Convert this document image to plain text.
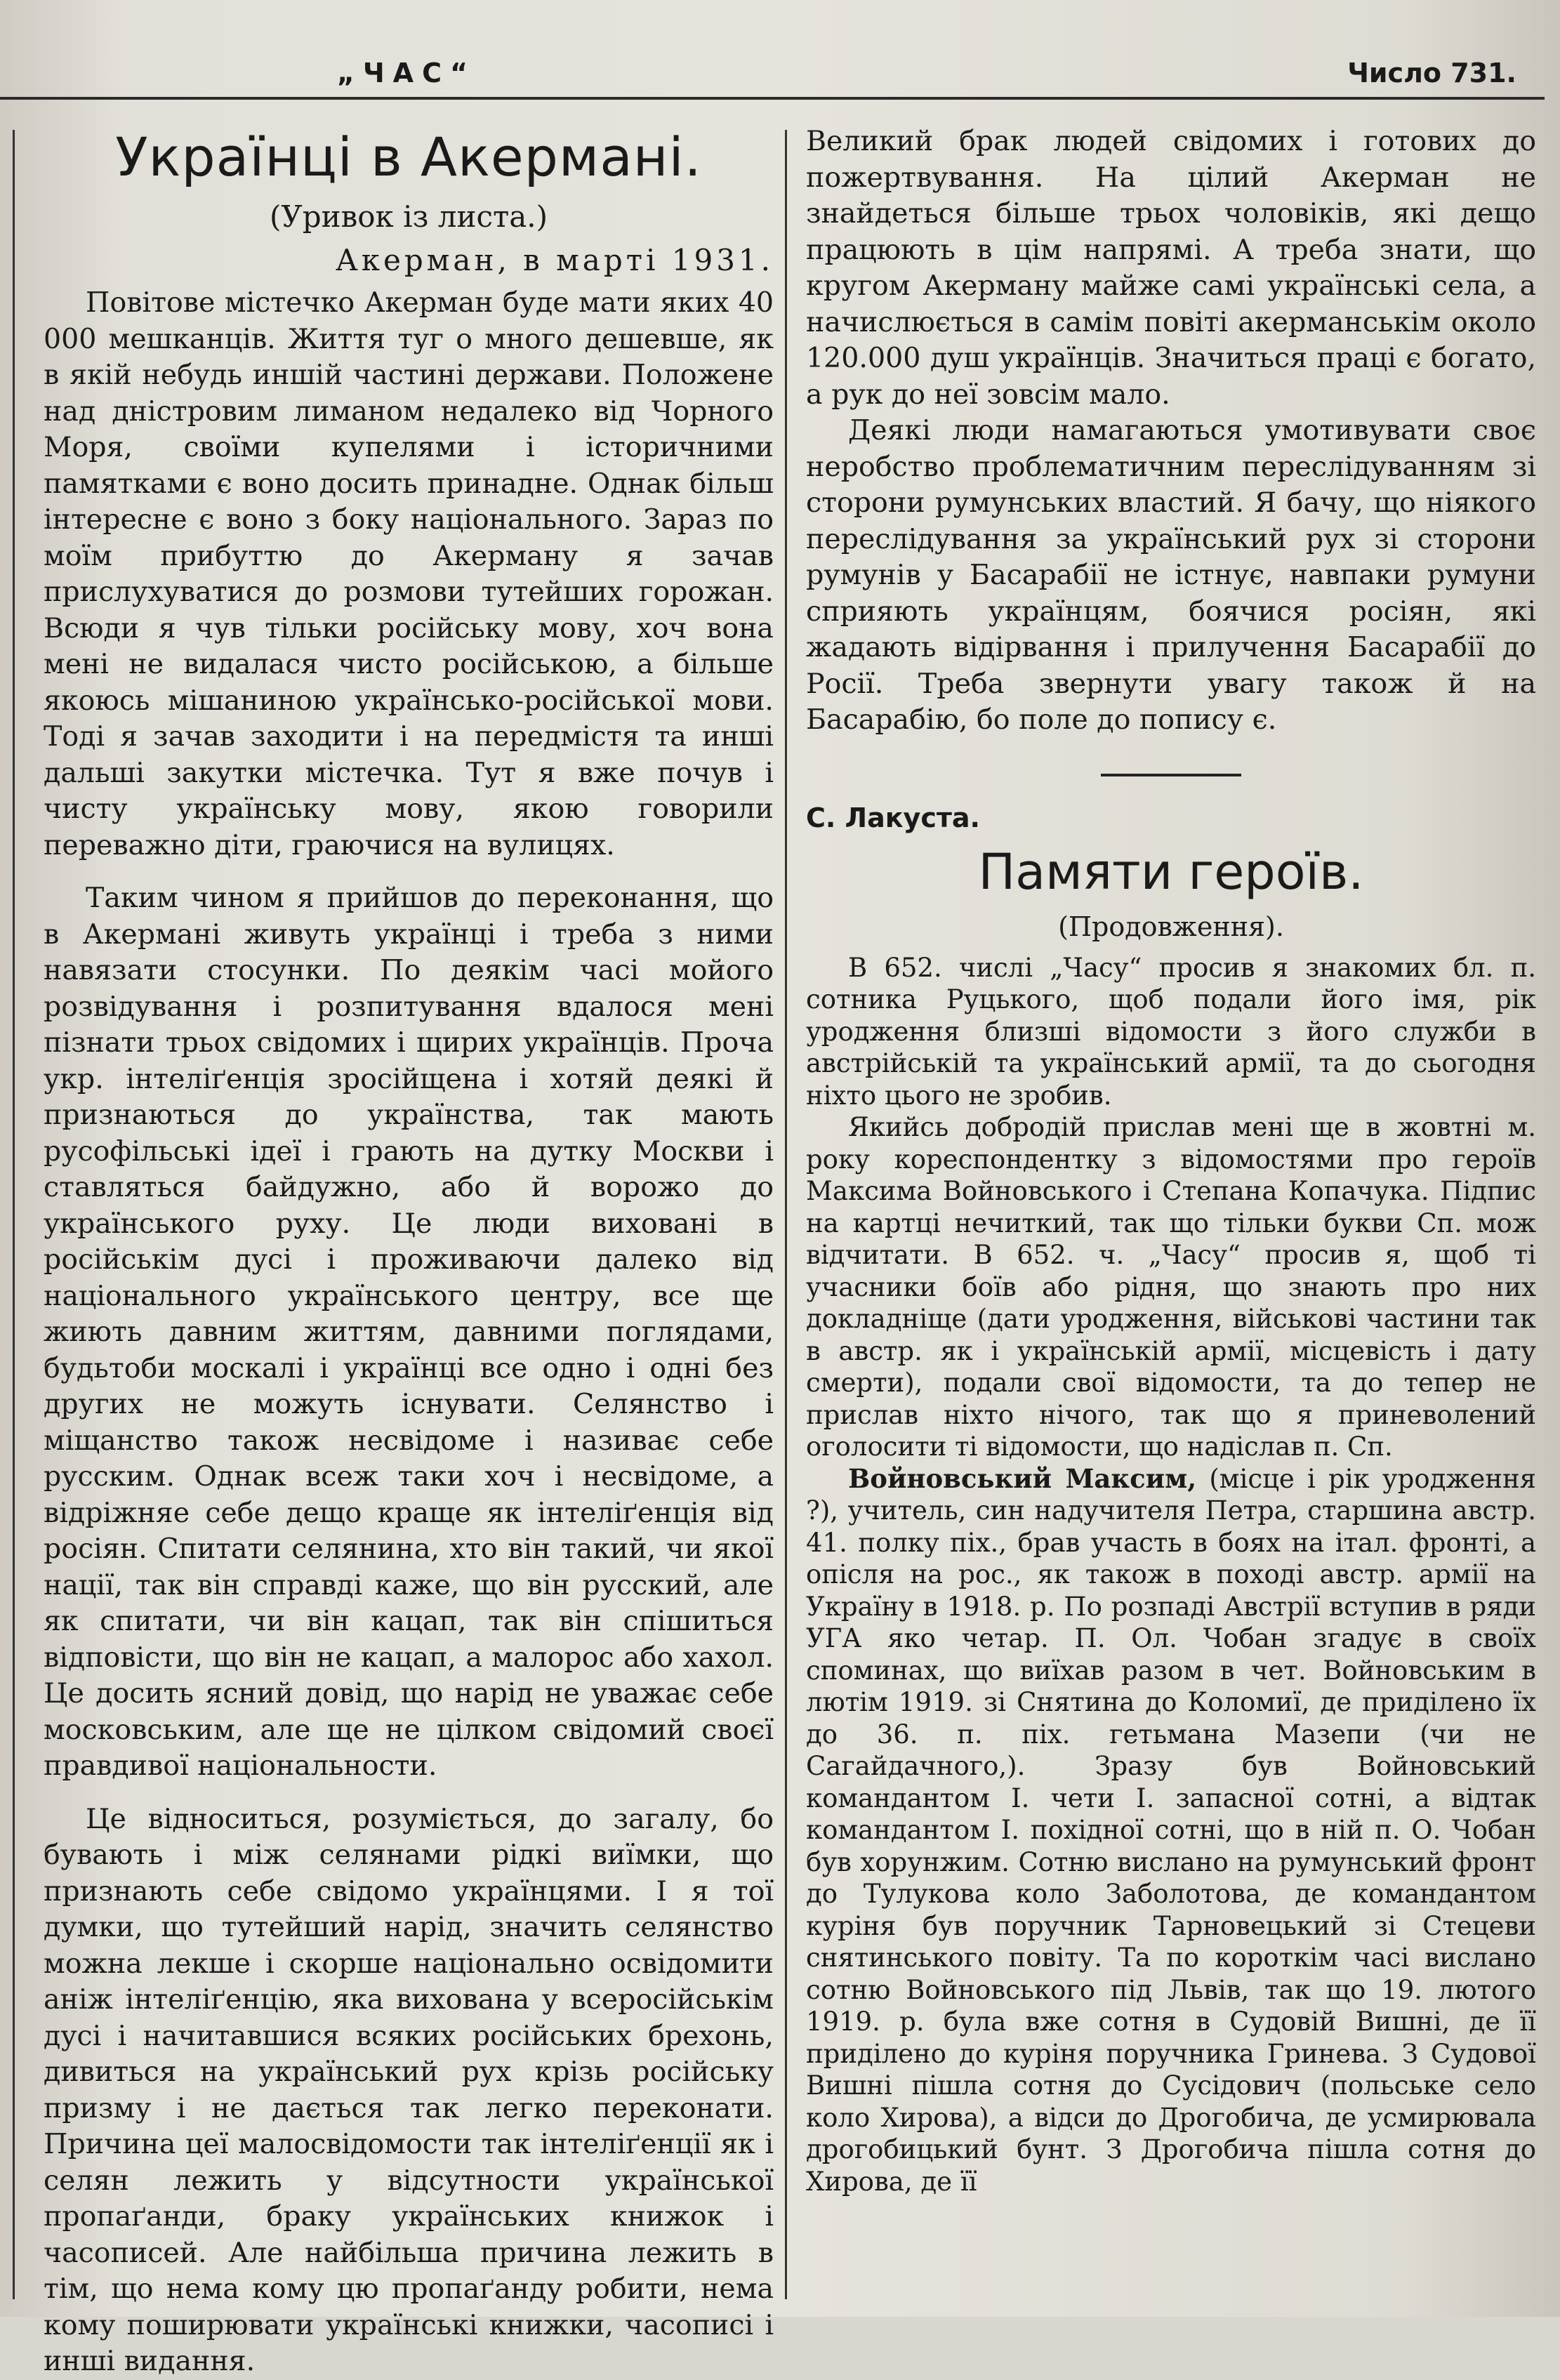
„ЧАС“	Число 731.
Українці в Акермані.
(Уривок із листа.)
Акерман, в марті 1931.

Повітове містечко Акерман буде мати яких 40 000 мешканців. Життя туг о много дешевше, як в якій небудь иншій частині держави. Положене над дністровим лиманом недалеко від Чорного Моря, своїми купелями і історичними памятками є воно досить принадне. Однак більш інтересне є воно з боку національного. Зараз по моїм прибуттю до Акерману я зачав прислухуватися до розмови тутейших горожан. Всюди я чув тільки російську мову, хоч вона мені не видалася чисто російською, а більше якоюсь мішаниною українсько-російської мови. Тоді я зачав заходити і на передмістя та инші дальші закутки містечка. Тут я вже почув і чисту українську мову, якою говорили переважно діти, граючися на вулицях.

Таким чином я прийшов до переконання, що в Акермані живуть українці і треба з ними навязати стосунки. По деякім часі мойого розвідування і розпитування вдалося мені пізнати трьох свідомих і щирих українців. Проча укр. інтеліґенція зросійщена і хотяй деякі й признаються до українства, так мають русофільські ідеї і грають на дутку Москви і ставляться байдужно, або й ворожо до українського руху. Це люди виховані в російськім дусі і проживаючи далеко від національного українського центру, все ще жиють давним життям, давними поглядами, будьтоби москалі і українці все одно і одні без других не можуть існувати. Селянство і міщанство також несвідоме і називає себе русским. Однак всеж таки хоч і несвідоме, а відріжняе себе дещо краще як інтеліґенція від росіян. Спитати селянина, хто він такий, чи якої нації, так він справді каже, що він русский, але як спитати, чи він кацап, так він спішиться відповісти, що він не кацап, а малорос або хахол. Це досить ясний довід, що нарід не уважає себе московським, але ще не цілком свідомий своєї правдивої національности.

Це відноситься, розуміється, до загалу, бо бувають і між селянами рідкі виїмки, що признають себе свідомо українцями. І я тої думки, що тутейший нарід, значить селянство можна лекше і скорше національно освідомити аніж інтеліґенцію, яка вихована у всеросійськім дусі і начитавшися всяких російських брехонь, дивиться на український рух крізь російську призму і не дається так легко переконати. Причина цеї малосвідомости так інтеліґенції як і селян лежить у відсутности української пропаґанди, браку українських книжок і часописей. Але найбільша причина лежить в тім, що нема кому цю пропаґанду робити, нема кому поширювати українські книжки, часописі і инші видання.

Великий брак людей свідомих і готових до пожертвування. На цілий Акерман не знайдеться більше трьох чоловіків, які дещо працюють в цім напрямі. А треба знати, що кругом Акерману майже самі українські села, а начислюється в самім повіті акерманськім около 120.000 душ українців. Значиться праці є богато, а рук до неї зовсім мало.

Деякі люди намагаються умотивувати своє неробство проблематичним переслідуванням зі сторони румунських властий. Я бачу, що ніякого переслідування за український рух зі сторони румунів у Басарабії не істнує, навпаки румуни сприяють українцям, боячися росіян, які жадають відірвання і прилучення Басарабії до Росії. Треба звернути увагу також й на Басарабію, бо поле до попису є.

С. Лакуста.
Памяти героїв.
(Продовження).

В 652. числі „Часу“ просив я знакомих бл. п. сотника Руцького, щоб подали його імя, рік уродження близші відомости з його служби в австрійській та український армії, та до сьогодня ніхто цього не зробив.

Якийсь добродій прислав мені ще в жовтні м. року кореспондентку з відомостями про героїв Максима Войновського і Степана Копачука. Підпис на картці нечиткий, так що тільки букви Сп. мож відчитати. В 652. ч. „Часу“ просив я, щоб ті учасники боїв або рідня, що знають про них докладніще (дати уродження, військові частини так в австр. як і українській армії, місцевість і дату смерти), подали свої відомости, та до тепер не прислав ніхто нічого, так що я приневолений оголосити ті відомости, що надіслав п. Сп.

Войновський Максим, (місце і рік уродження ?), учитель, син надучителя Петра, старшина австр. 41. полку піх., брав участь в боях на італ. фронті, а опісля на рос., як також в поході австр. армії на Україну в 1918. р. По розпаді Австрії вступив в ряди УГА яко четар. П. Ол. Чобан згадує в своїх споминах, що виїхав разом в чет. Войновським в лютім 1919. зі Снятина до Коломиї, де приділено їх до 36. п. піх. гетьмана Мазепи (чи не Сагайдачного,). Зразу був Войновський командантом І. чети І. запасної сотні, а відтак командантом І. похідної сотні, що в ній п. О. Чобан був хорунжим. Сотню вислано на румунський фронт до Тулукова коло Заболотова, де командантом куріня був поручник Тарновецький зі Стецеви снятинського повіту. Та по короткім часі вислано сотню Войновського під Львів, так що 19. лютого 1919. р. була вже сотня в Судовій Вишні, де її приділено до куріня поручника Гринева. З Судової Вишні пішла сотня до Сусідович (польське село коло Хирова), а відси до Дрогобича, де усмирювала дрогобицький бунт. З Дрогобича пішла сотня до Хирова, де її
